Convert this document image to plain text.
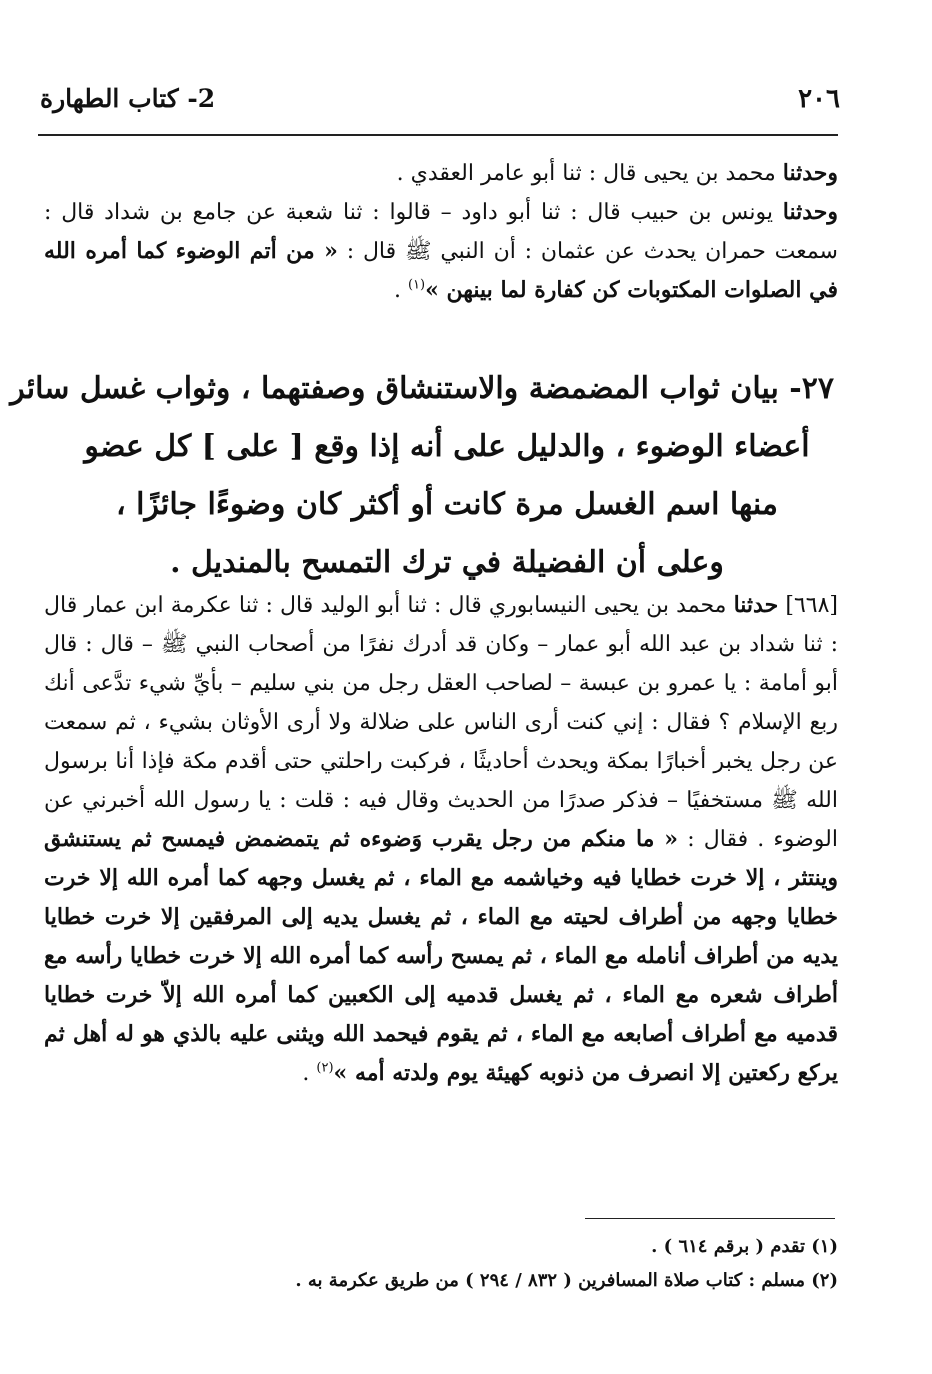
٢٠٦
2- كتاب الطهارة

وحدثنا محمد بن يحيى قال : ثنا أبو عامر العقدي .

وحدثنا يونس بن حبيب قال : ثنا أبو داود – قالوا : ثنا شعبة عن جامع بن شداد قال : سمعت حمران يحدث عن عثمان : أن النبي ﷺ قال : « من أتم الوضوء كما أمره الله في الصلوات المكتوبات كن كفارة لما بينهن »$^{(١)}$ .

٢٧- بيان ثواب المضمضة والاستنشاق وصفتهما ، وثواب غسل سائر
أعضاء الوضوء ، والدليل على أنه إذا وقع [ على ] كل عضو
منها اسم الغسل مرة كانت أو أكثر كان وضوءًا جائزًا ،
وعلى أن الفضيلة في ترك التمسح بالمنديل .

[٦٦٨] حدثنا محمد بن يحيى النيسابوري قال : ثنا أبو الوليد قال : ثنا عكرمة ابن عمار قال : ثنا شداد بن عبد الله أبو عمار – وكان قد أدرك نفرًا من أصحاب النبي ﷺ – قال : قال أبو أمامة : يا عمرو بن عبسة – لصاحب العقل رجل من بني سليم – بأيِّ شيء تدَّعى أنك ربع الإسلام ؟ فقال : إني كنت أرى الناس على ضلالة ولا أرى الأوثان بشيء ، ثم سمعت عن رجل يخبر أخبارًا بمكة ويحدث أحاديثًا ، فركبت راحلتي حتى أقدم مكة فإذا أنا برسول الله ﷺ مستخفيًا – فذكر صدرًا من الحديث وقال فيه : قلت : يا رسول الله أخبرني عن الوضوء . فقال : « ما منكم من رجل يقرب وَضوءه ثم يتمضمض فيمسح ثم يستنشق وينتثر ، إلا خرت خطايا فيه وخياشمه مع الماء ، ثم يغسل وجهه كما أمره الله إلا خرت خطايا وجهه من أطراف لحيته مع الماء ، ثم يغسل يديه إلى المرفقين إلا خرت خطايا يديه من أطراف أنامله مع الماء ، ثم يمسح رأسه كما أمره الله إلا خرت خطايا رأسه مع أطراف شعره مع الماء ، ثم يغسل قدميه إلى الكعبين كما أمره الله إلاّ خرت خطايا قدميه مع أطراف أصابعه مع الماء ، ثم يقوم فيحمد الله ويثنى عليه بالذي هو له أهل ثم يركع ركعتين إلا انصرف من ذنوبه كهيئة يوم ولدته أمه »$^{(٢)}$ .

(١) تقدم ( برقم ٦١٤ ) .
(٢) مسلم : كتاب صلاة المسافرين ( ٨٣٢ / ٢٩٤ ) من طريق عكرمة به .
